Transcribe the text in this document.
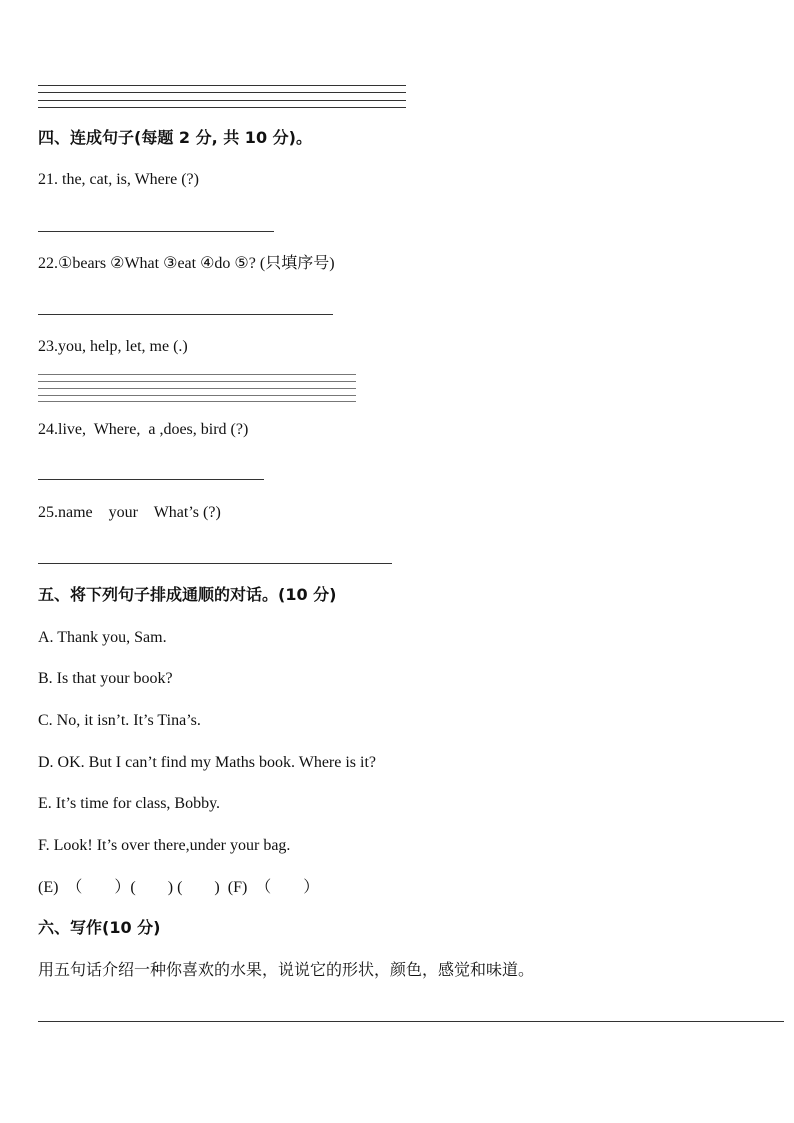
四、连成句子(每题 2 分, 共 10 分)。
21. the, cat, is, Where (?)
22.①bears ②What ③eat ④do ⑤? (只填序号)
23.you, help, let, me (.)
24.live,  Where,  a ,does, bird (?)
25.name    your    What’s (?)
五、将下列句子排成通顺的对话。(10 分)
A. Thank you, Sam.
B. Is that your book?
C. No, it isn’t. It’s Tina’s.
D. OK. But I can’t find my Maths book. Where is it?
E. It’s time for class, Bobby.
F. Look! It’s over there,under your bag.
(E)  （        ）(        ) (        )  (F)  （        ）
六、写作(10 分)
用五句话介绍一种你喜欢的水果，说说它的形状，颜色，感觉和味道。
